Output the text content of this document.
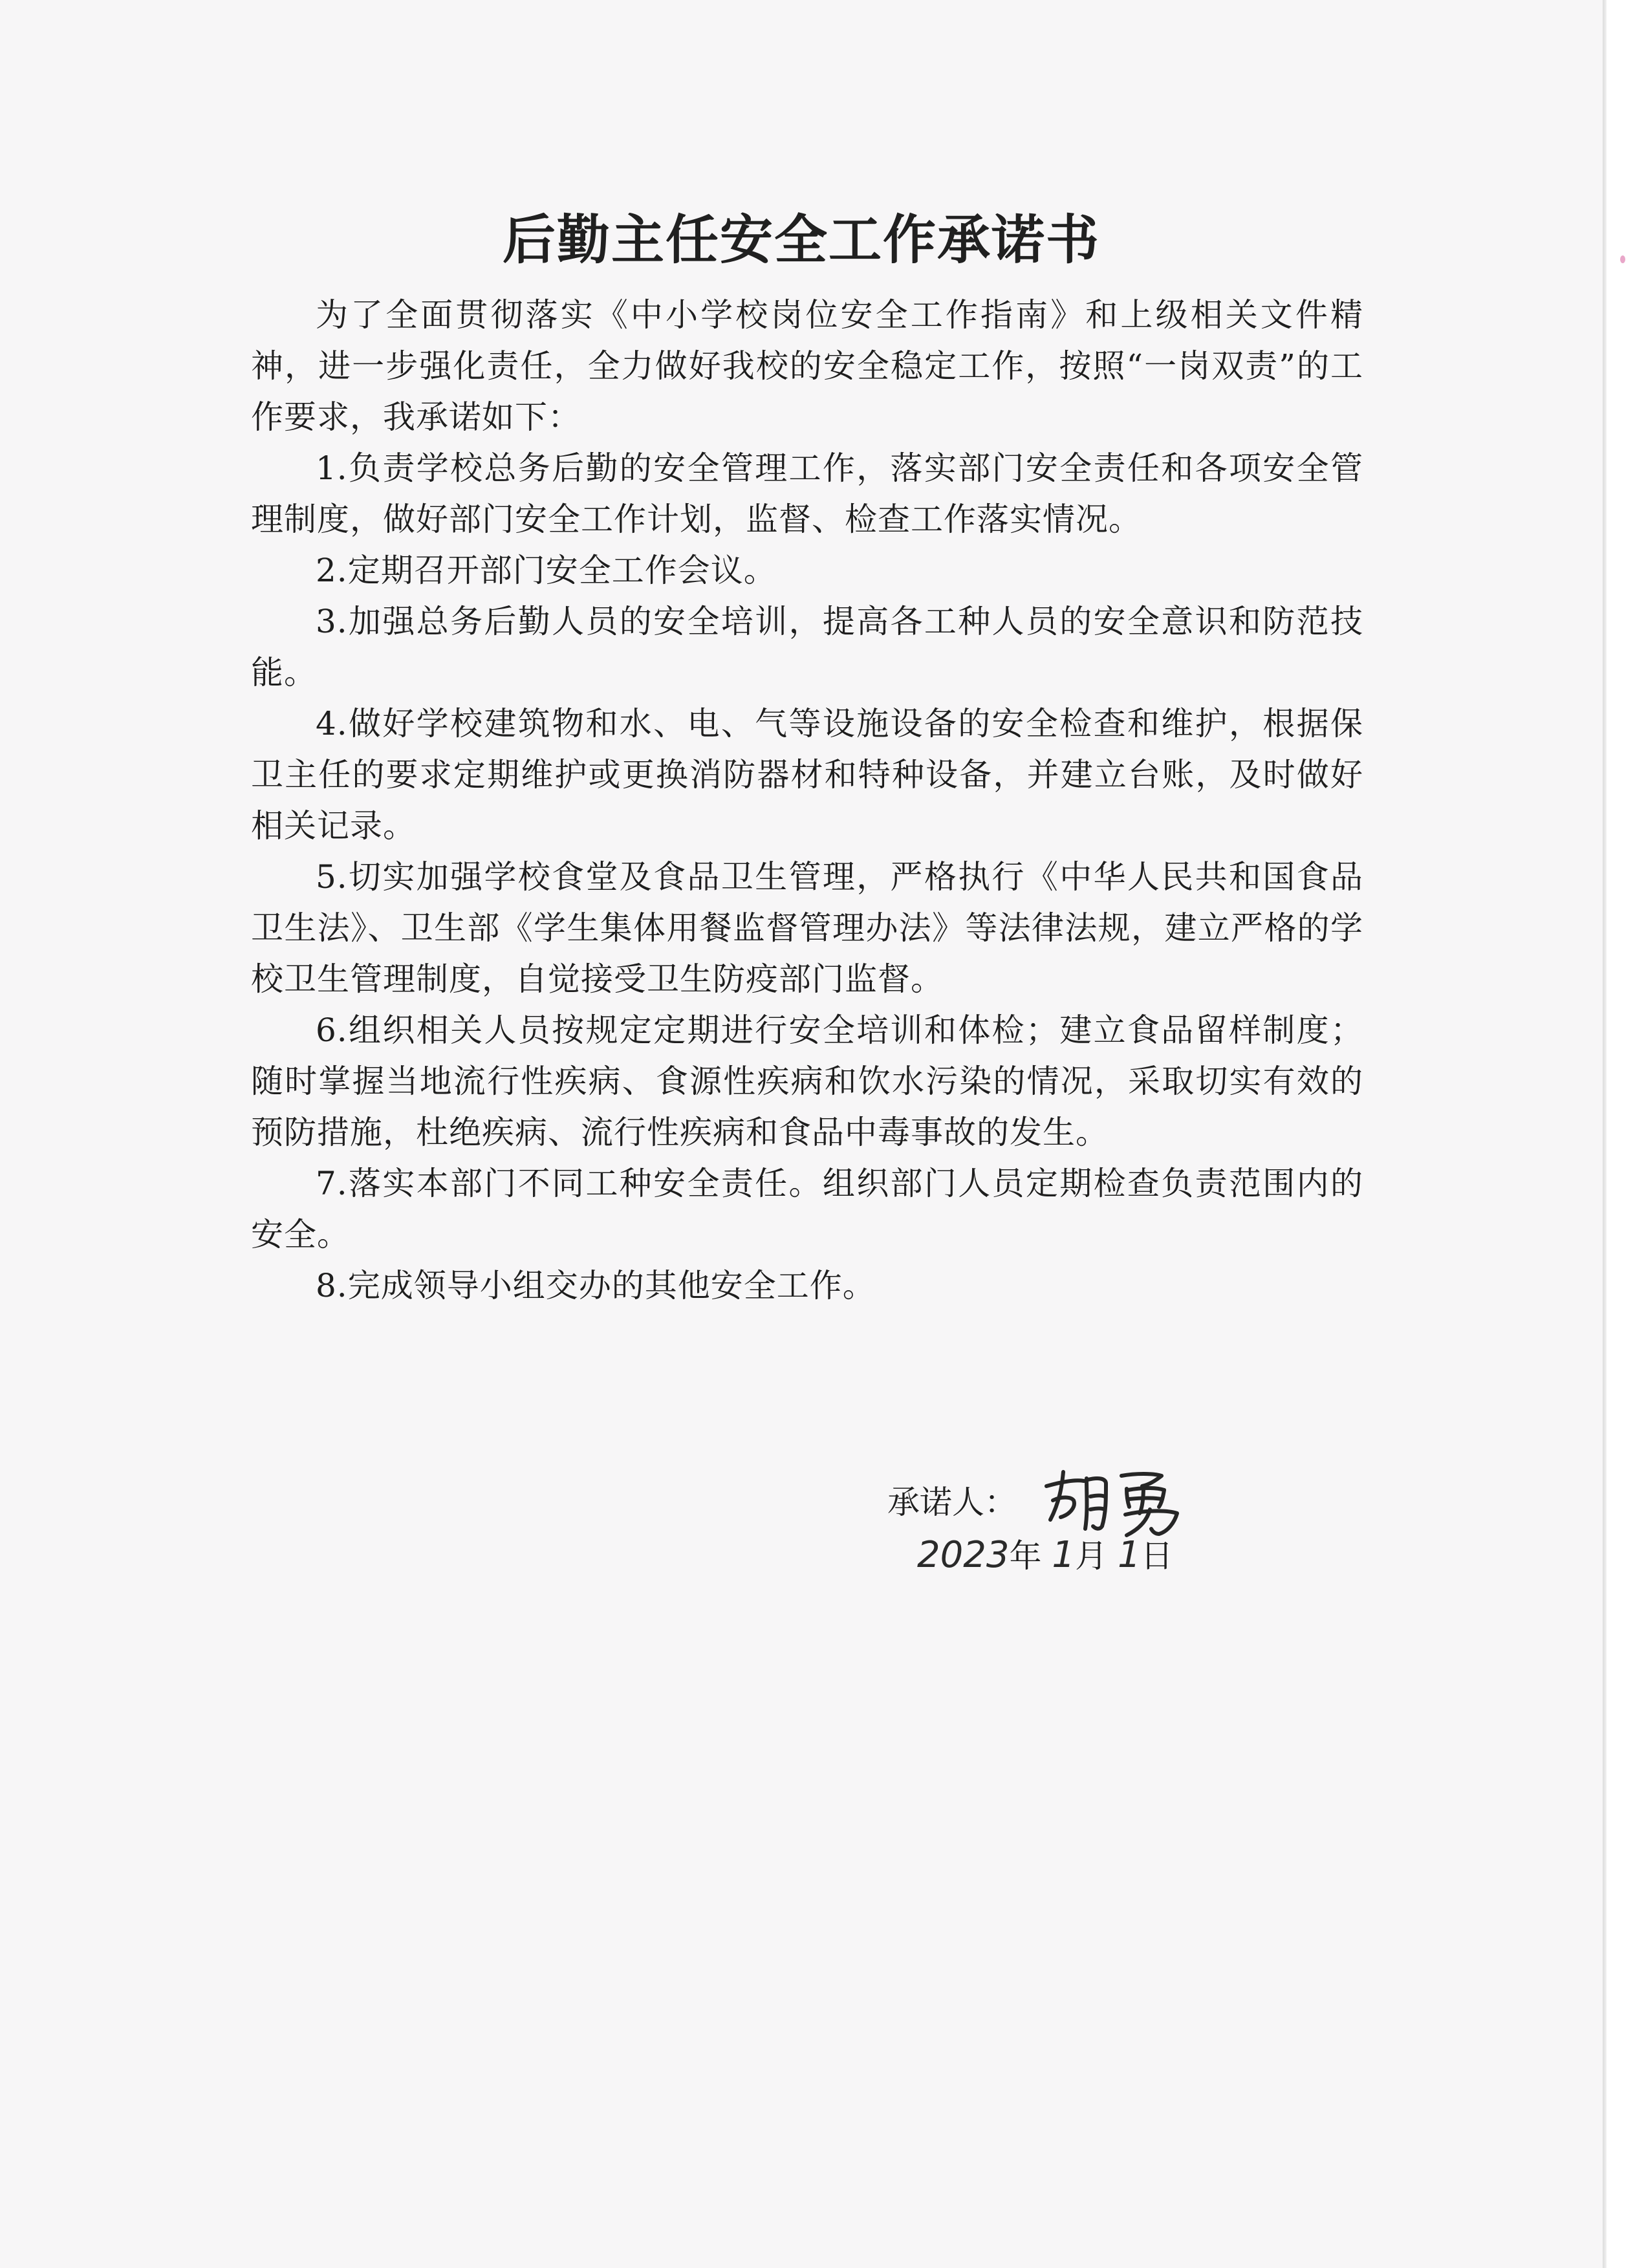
后勤主任安全工作承诺书

为了全面贯彻落实《中小学校岗位安全工作指南》和上级相关文件精神，进一步强化责任，全力做好我校的安全稳定工作，按照“一岗双责”的工作要求，我承诺如下：

1.负责学校总务后勤的安全管理工作，落实部门安全责任和各项安全管理制度，做好部门安全工作计划，监督、检查工作落实情况。

2.定期召开部门安全工作会议。

3.加强总务后勤人员的安全培训，提高各工种人员的安全意识和防范技能。

4.做好学校建筑物和水、电、气等设施设备的安全检查和维护，根据保卫主任的要求定期维护或更换消防器材和特种设备，并建立台账，及时做好相关记录。

5.切实加强学校食堂及食品卫生管理，严格执行《中华人民共和国食品卫生法》、卫生部《学生集体用餐监督管理办法》等法律法规，建立严格的学校卫生管理制度，自觉接受卫生防疫部门监督。

6.组织相关人员按规定定期进行安全培训和体检；建立食品留样制度；随时掌握当地流行性疾病、食源性疾病和饮水污染的情况，采取切实有效的预防措施，杜绝疾病、流行性疾病和食品中毒事故的发生。

7.落实本部门不同工种安全责任。组织部门人员定期检查负责范围内的安全。

8.完成领导小组交办的其他安全工作。

承诺人：
2023年 1月 1日
